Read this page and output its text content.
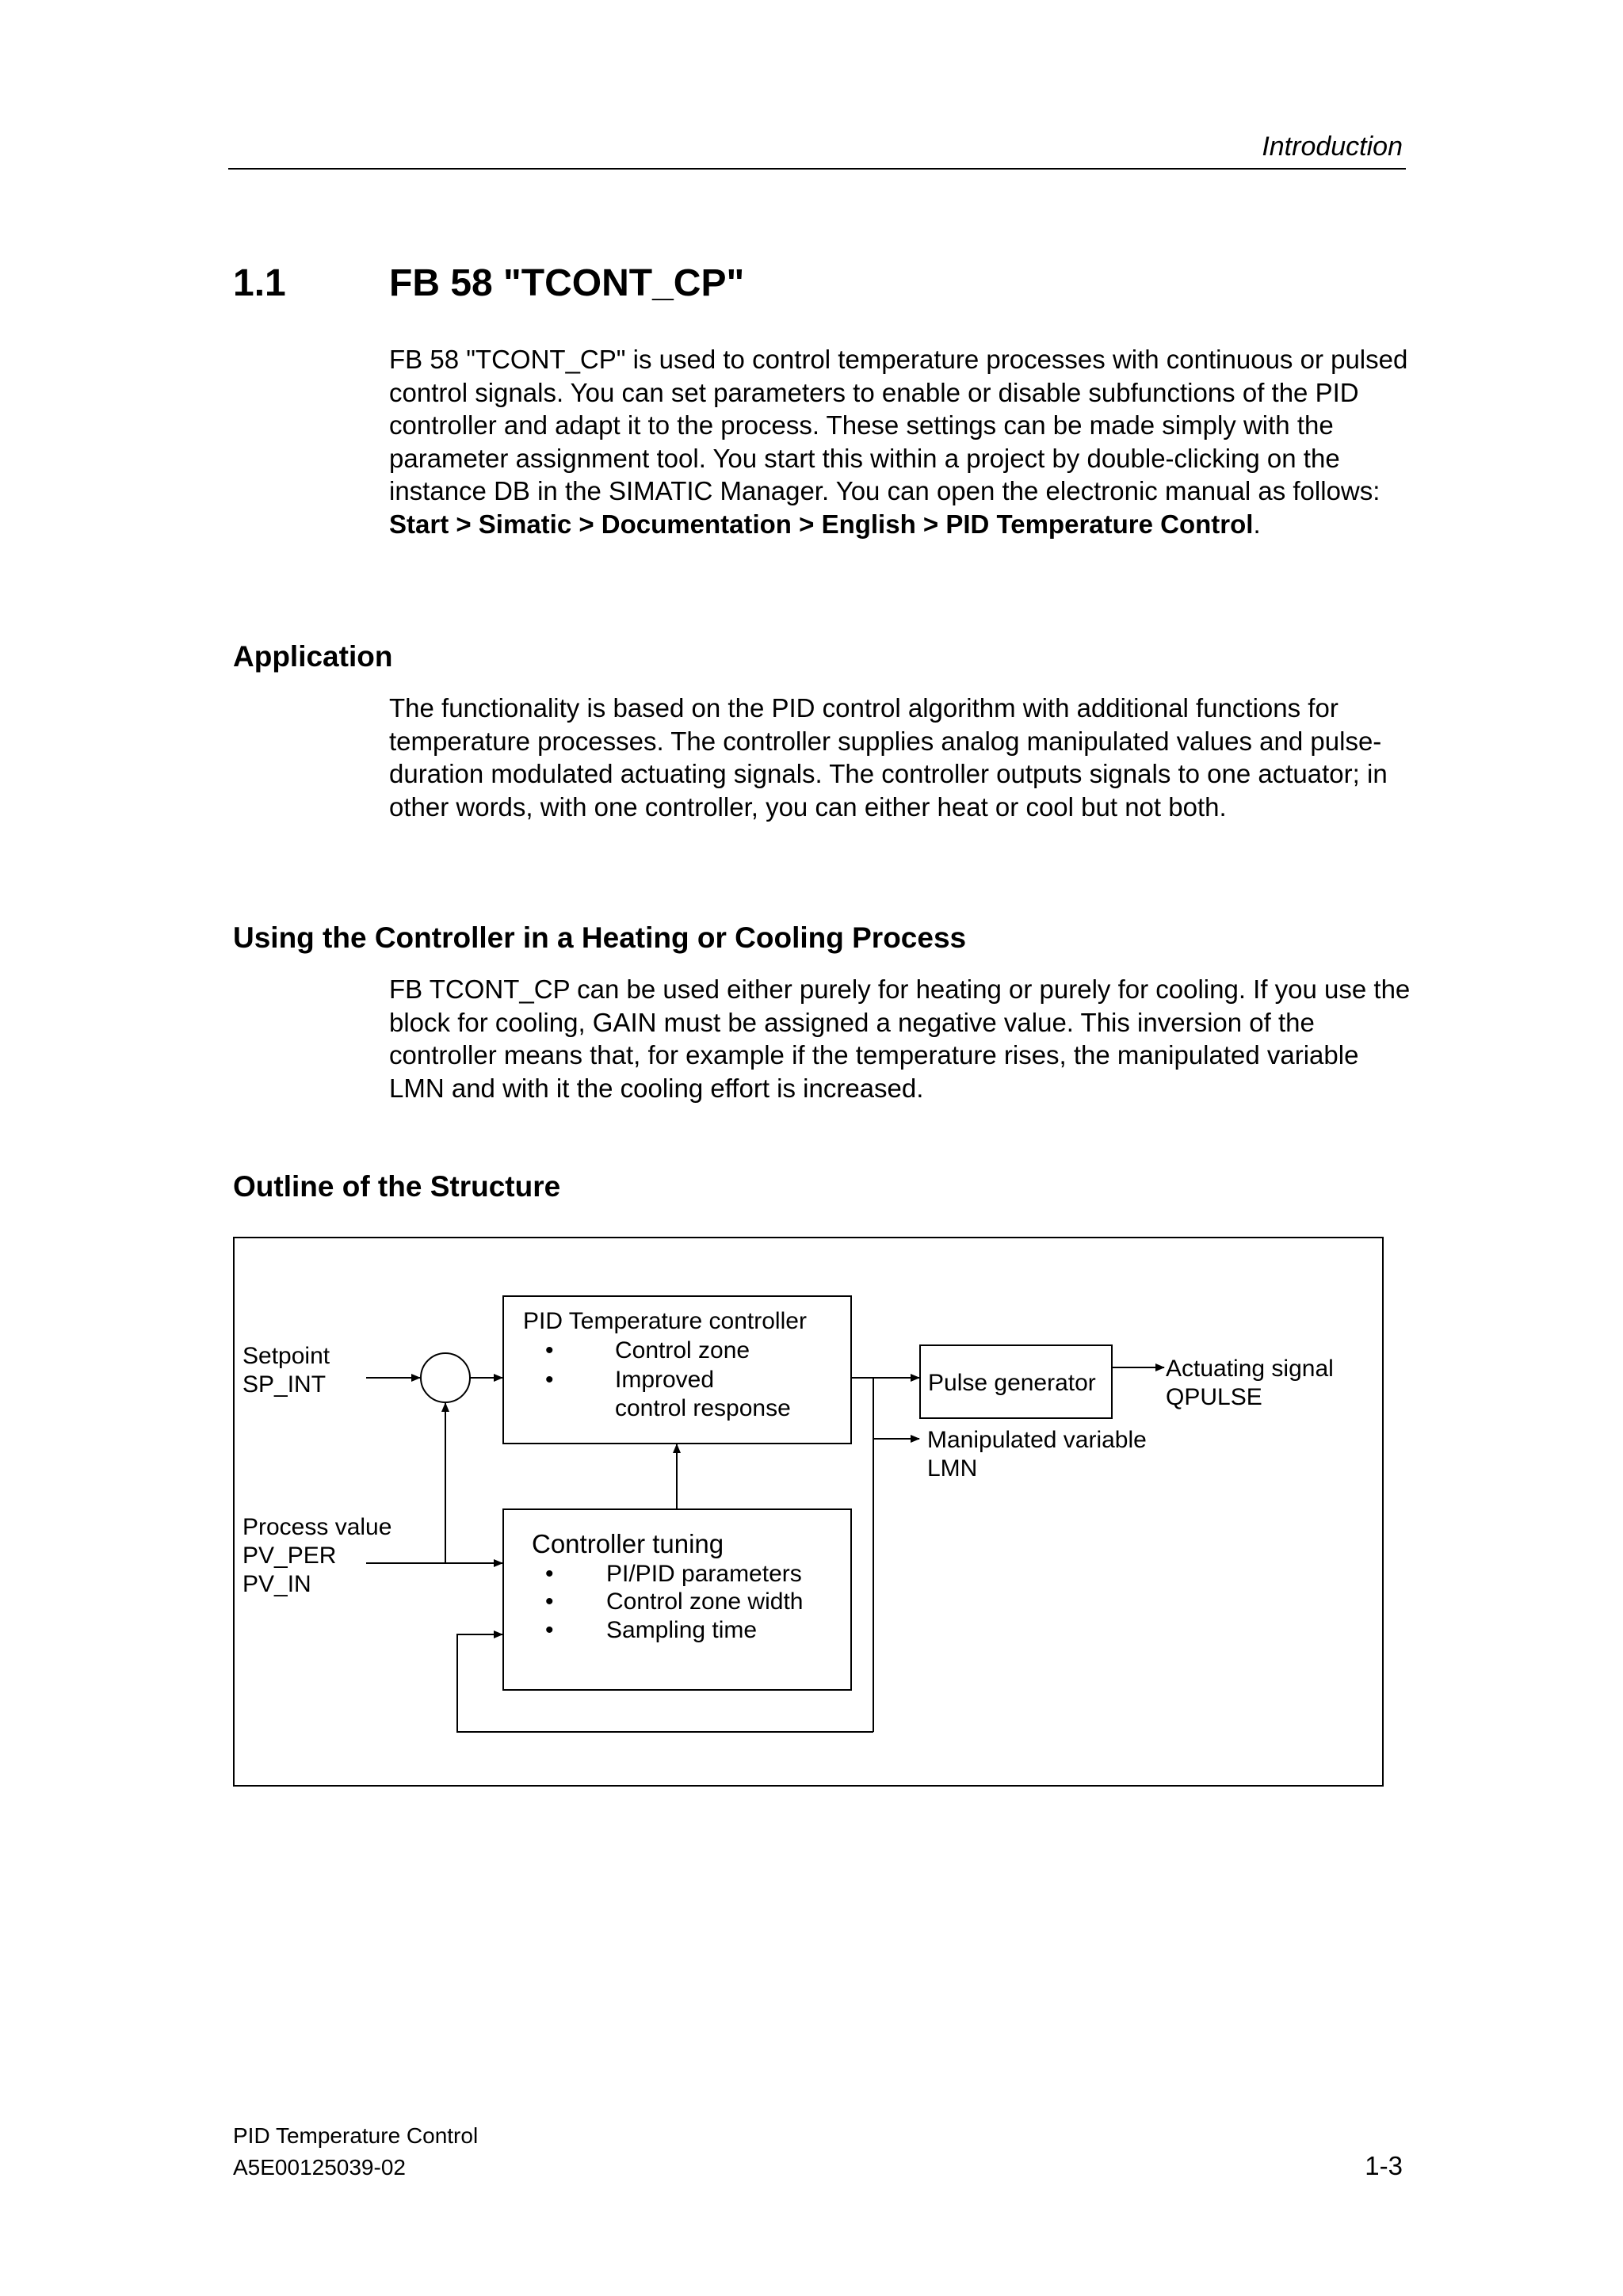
Introduction
1.1	FB 58 "TCONT_CP"

FB 58 "TCONT_CP" is used to control temperature processes with continuous or pulsed control signals. You can set parameters to enable or disable subfunctions of the PID controller and adapt it to the process. These settings can be made simply with the parameter assignment tool. You start this within a project by double-clicking on the instance DB in the SIMATIC Manager. You can open the electronic manual as follows:

Start > Simatic > Documentation > English > PID Temperature Control.

Application

The functionality is based on the PID control algorithm with additional functions for temperature processes. The controller supplies analog manipulated values and pulse-duration modulated actuating signals. The controller outputs signals to one actuator; in other words, with one controller, you can either heat or cool but not both.

Using the Controller in a Heating or Cooling Process

FB TCONT_CP can be used either purely for heating or purely for cooling. If you use the block for cooling, GAIN must be assigned a negative value. This inversion of the controller means that, for example if the temperature rises, the manipulated variable LMN and with it the cooling effort is increased.

Outline of the Structure
PID Temperature controller
•	Control zone
•	Improved
control response
Controller tuning
• PI/PID parameters
• Control zone width
• Sampling time
Pulse generator
Setpoint
SP_INT
Process value
PV_PER
PV_IN
Manipulated variable
LMN
Actuating signal
QPULSE
PID Temperature Control
A5E00125039-02	1-3
